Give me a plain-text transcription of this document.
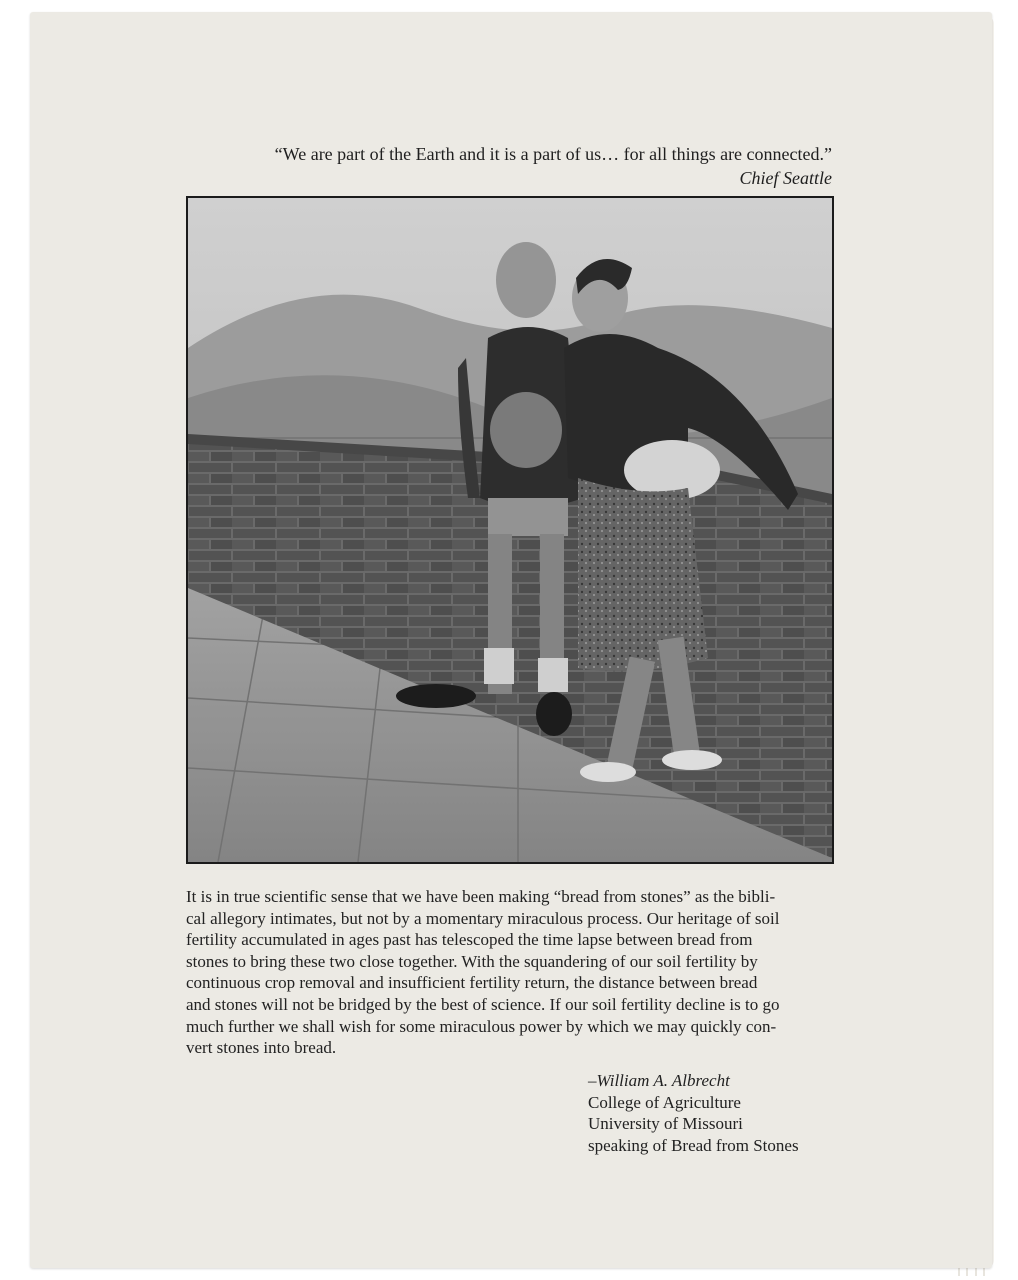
“We are part of the Earth and it is a part of us… for all things are connected.”
Chief Seattle
It is in true scientific sense that we have been making “bread from stones” as the bibli-
cal allegory intimates, but not by a momentary miraculous process. Our heritage of soil
fertility accumulated in ages past has telescoped the time lapse between bread from
stones to bring these two close together. With the squandering of our soil fertility by
continuous crop removal and insufficient fertility return, the distance between bread
and stones will not be bridged by the best of science. If our soil fertility decline is to go
much further we shall wish for some miraculous power by which we may quickly con-
vert stones into bread.
–William A. Albrecht
College of Agriculture
University of Missouri
speaking of Bread from Stones
